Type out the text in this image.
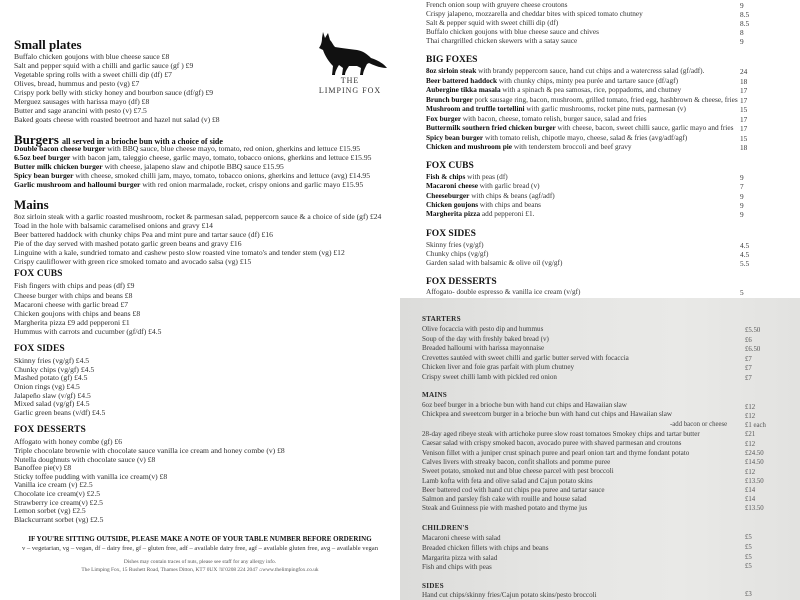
Small plates
Buffalo chicken goujons with blue cheese sauce £8
Salt and pepper squid with a chilli and garlic sauce (gf ) £9
Vegetable spring rolls with a sweet chilli dip (df) £7
Olives, bread, hummus and pesto (vg) £7
Crispy pork belly with sticky honey and bourbon sauce (df/gf) £9
Merguez sausages with harissa mayo (df) £8
Butter and sage arancini with pesto (v) £7.5
Baked goats cheese with roasted beetroot and hazel nut salad (v) £8
Burgers all served in a brioche bun with a choice of side
Double bacon cheese burger with BBQ sauce, blue cheese mayo, tomato, red onion, gherkins and lettuce £15.95
6.5oz beef burger with bacon jam, taleggio cheese, garlic mayo, tomato, tobacco onions, gherkins and lettuce £15.95
Butter milk chicken burger with cheese, jalapeno slaw and chipotle BBQ sauce £15.95
Spicy bean burger with cheese, smoked chilli jam, mayo, tomato, tobacco onions, gherkins and lettuce (avg) £14.95
Garlic mushroom and halloumi burger with red onion marmalade, rocket, crispy onions and garlic mayo £15.95
Mains
8oz sirloin steak with a garlic roasted mushroom, rocket & parmesan salad, peppercorn sauce & a choice of side (gf) £24
Toad in the hole with balsamic caramelised onions and gravy £14
Beer battered haddock with chunky chips Pea and mint pure and tartar sauce (df) £16
Pie of the day served with mashed potato garlic green beans and gravy £16
Linguine with a kale, sundried tomato and cashew pesto slow roasted vine tomato's and tender stem (vg) £12
Crispy cauliflower with green rice smoked tomato and avocado salsa (vg) £15
FOX CUBS
Fish fingers with chips and peas (df) £9
Cheese burger with chips and beans £8
Macaroni cheese with garlic bread £7
Chicken goujons with chips and beans £8
Margherita pizza £9 add pepperoni £1
Hummus with carrots and cucumber (gf/df) £4.5
FOX SIDES
Skinny fries (vg/gf) £4.5
Chunky chips (vg/gf) £4.5
Mashed potato (gf) £4.5
Onion rings (vg) £4.5
Jalapeño slaw (v/gf) £4.5
Mixed salad (vg/gf) £4.5
Garlic green beans (v/df) £4.5
FOX DESSERTS
Affogato with honey combe (gf) £6
Triple chocolate brownie with chocolate sauce vanilla ice cream and honey combe (v) £8
Nutella doughnuts with chocolate sauce (v) £8
Banoffee pie(v) £8
Sticky toffee pudding with vanilla ice cream(v) £8
Vanilla ice cream (v) £2.5
Chocolate ice cream(v) £2.5
Strawberry ice cream(v) £2.5
Lemon sorbet (vg) £2.5
Blackcurrant sorbet (vg) £2.5
IF YOU'RE SITTING OUTSIDE, PLEASE MAKE A NOTE OF YOUR TABLE NUMBER BEFORE ORDERING
v – vegetarian, vg – vegan, df – dairy free, gf – gluten free, adf – available dairy free, agf – available gluten free, avg – available vegan
Dishes may contain traces of nuts, please see staff for any allergy info.
The Limping Fox, 15 Rushett Road, Thames Ditton, KT7 0UX ☏0208 224 2047 ⌂www.thelimpingfox.co.uk
THE
LIMPING FOX
French onion soup with gruyere cheese croutons	9
Crispy jalapeno, mozzarella and cheddar bites with spiced tomato chutney	8.5
Salt & pepper squid with sweet chilli dip (df)	8.5
Buffalo chicken goujons with blue cheese sauce and chives	8
Thai chargrilled chicken skewers with a satay sauce	9
BIG FOXES
8oz sirloin steak with brandy peppercorn sauce, hand cut chips and a watercress salad (gf/adf).	24
Beer battered haddock with chunky chips, minty pea purée and tartare sauce (df/agf)	18
Aubergine tikka masala with a spinach & pea samosas, rice, poppadoms, and chutney	17
Brunch burger pork sausage ring, bacon, mushroom, grilled tomato, fried egg, hashbrown & cheese, fries 17
Mushroom and truffle tortellini with garlic mushrooms, rocket pine nuts, parmesan (v)	15
Fox burger with bacon, cheese, tomato relish, burger sauce, salad and fries	17
Buttermilk southern fried chicken burger with cheese, bacon, sweet chilli sauce, garlic mayo and fries 17
Spicy bean burger with tomato relish, chipotle mayo, cheese, salad & fries (avg/adf/agf)	15
Chicken and mushroom pie with tenderstem broccoli and beef gravy	18
FOX CUBS
Fish & chips with peas (df)	9
Macaroni cheese with garlic bread (v)	7
Cheeseburger with chips & beans (agf/adf)	9
Chicken goujons with chips and beans	9
Margherita pizza add pepperoni £1.	9
FOX SIDES
Skinny fries (vg/gf)	4.5
Chunky chips (vg/gf)	4.5
Garden salad with balsamic & olive oil (vg/gf)	5.5
FOX DESSERTS
Affogato- double espresso & vanilla ice cream (v/gf)	5
STARTERS
Olive focaccia with pesto dip and hummus	£5.50
Soup of the day with freshly baked bread (v)	£6
Breaded halloumi with harissa mayonnaise	£6.50
Crevettes sautéed with sweet chilli and garlic butter served with focaccia	£7
Chicken liver and foie gras parfait with plum chutney	£7
Crispy sweet chilli lamb with pickled red onion	£7
MAINS
6oz beef burger in a brioche bun with hand cut chips and Hawaiian slaw	£12
Chickpea and sweetcorn burger in a brioche bun with hand cut chips and Hawaiian slaw	£12
-add bacon or cheese	£1 each
28-day aged ribeye steak with artichoke puree slow roast tomatoes Smokey chips and tartar butter	£21
Caesar salad with crispy smoked bacon, avocado puree with shaved parmesan and croutons	£12
Venison fillet with a juniper crust spinach puree and pearl onion tart and thyme fondant potato	£24.50
Calves livers with streaky bacon, confit shallots and pomme puree	£14.50
Sweet potato, smoked nut and blue cheese parcel with pest broccoli	£12
Lamb kofta with feta and olive salad and Cajun potato skins	£13.50
Beer battered cod with hand cut chips pea puree and tartar sauce	£14
Salmon and parsley fish cake with rouille and house salad	£14
Steak and Guinness pie with mashed potato and thyme jus	£13.50
CHILDREN'S
Macaroni cheese with salad	£5
Breaded chicken fillets with chips and beans	£5
Margarita pizza with salad	£5
Fish and chips with peas	£5
SIDES
Hand cut chips/skinny fries/Cajun potato skins/pesto broccoli	£3
